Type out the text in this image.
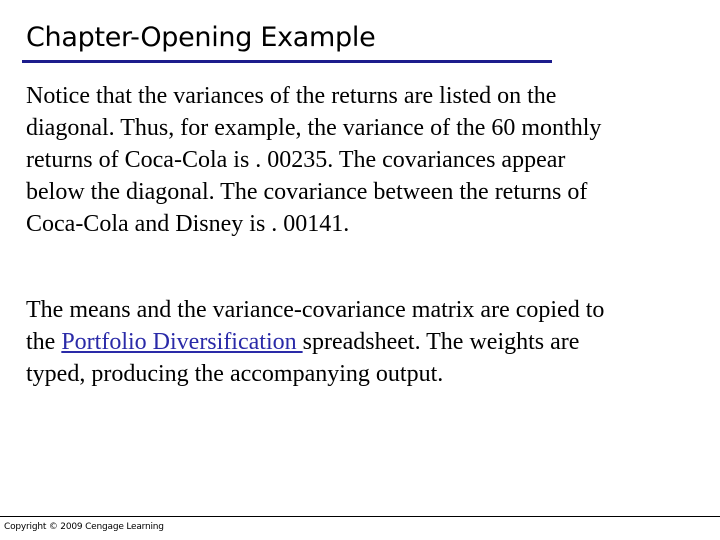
Chapter-Opening Example

Notice that the variances of the returns are listed on the
diagonal. Thus, for example, the variance of the 60 monthly
returns of Coca-Cola is . 00235. The covariances appear
below the diagonal. The covariance between the returns of
Coca-Cola and Disney is . 00141.

The means and the variance-covariance matrix are copied to
the Portfolio Diversification spreadsheet. The weights are
typed, producing the accompanying output.

Copyright © 2009 Cengage Learning
